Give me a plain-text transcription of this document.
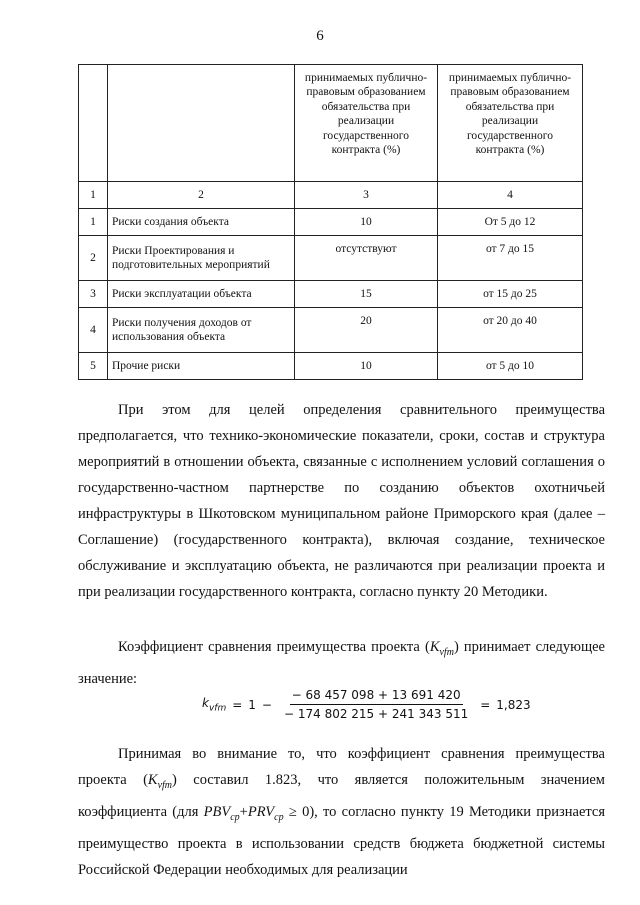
6
		принимаемых публично-правовым образованием обязательства при реализации государственного контракта (%)	принимаемых публично-правовым образованием обязательства при реализации государственного контракта (%)
1	2	3	4
1	Риски создания объекта	10	От 5 до 12
2	Риски Проектирования и подготовительных мероприятий	отсутствуют	от 7 до 15
3	Риски эксплуатации объекта	15	от 15 до 25
4	Риски получения доходов от использования объекта	20	от 20 до 40
5	Прочие риски	10	от 5 до 10

При этом для целей определения сравнительного преимущества предполагается, что технико-экономические показатели, сроки, состав и структура мероприятий в отношении объекта, связанные с исполнением условий соглашения о государственно-частном партнерстве по созданию объектов охотничьей инфраструктуры в Шкотовском муниципальном районе Приморского края (далее – Соглашение) (государственного контракта), включая создание, техническое обслуживание и эксплуатацию объекта, не различаются при реализации проекта и при реализации государственного контракта, согласно пункту 20 Методики.

Коэффициент сравнения преимущества проекта $(K_{vfm})$ принимает следующее значение:

$k_{vfm} = 1 - \frac{- 68 457 098 + 13 691 420}{- 174 802 215 + 241 343 511} = 1,823$

Принимая во внимание то, что коэффициент сравнения преимущества проекта $(K_{vfm})$ составил 1.823, что является положительным значением коэффициента (для $PBV_{ср}+PRV_{ср} \ge 0$), то согласно пункту 19 Методики признается преимущество проекта в использовании средств бюджета бюджетной системы Российской Федерации необходимых для реализации
